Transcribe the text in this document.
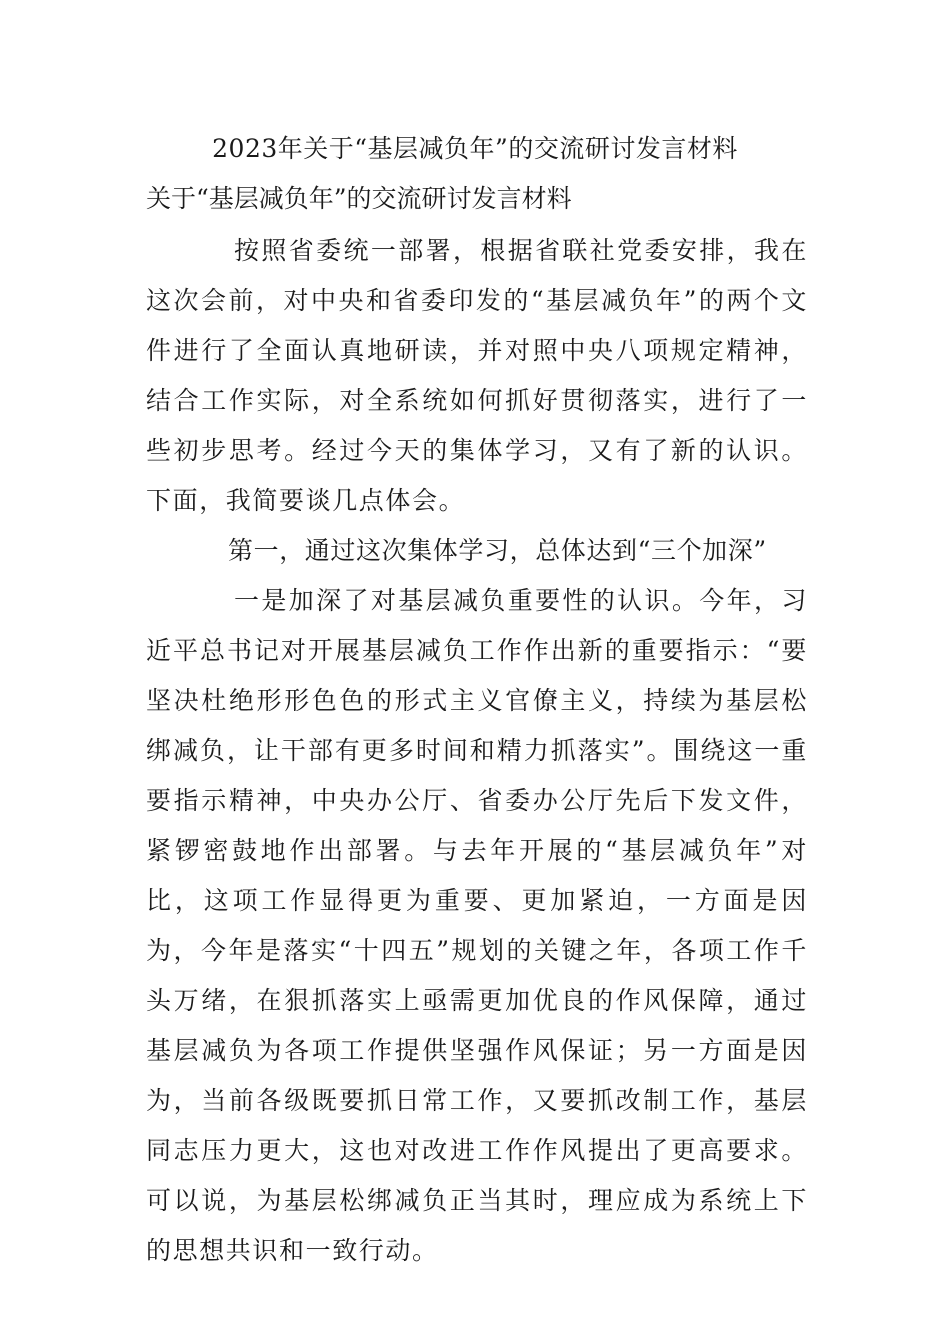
2023年关于“基层减负年”的交流研讨发言材料
关于“基层减负年”的交流研讨发言材料

按照省委统一部署，根据省联社党委安排，我在这次会前，对中央和省委印发的“基层减负年”的两个文件进行了全面认真地研读，并对照中央八项规定精神，结合工作实际，对全系统如何抓好贯彻落实，进行了一些初步思考。经过今天的集体学习，又有了新的认识。下面，我简要谈几点体会。

第一，通过这次集体学习，总体达到“三个加深”

一是加深了对基层减负重要性的认识。今年，习近平总书记对开展基层减负工作作出新的重要指示：“要坚决杜绝形形色色的形式主义官僚主义，持续为基层松绑减负，让干部有更多时间和精力抓落实”。围绕这一重要指示精神，中央办公厅、省委办公厅先后下发文件，紧锣密鼓地作出部署。与去年开展的“基层减负年”对比，这项工作显得更为重要、更加紧迫，一方面是因为，今年是落实“十四五”规划的关键之年，各项工作千头万绪，在狠抓落实上亟需更加优良的作风保障，通过基层减负为各项工作提供坚强作风保证；另一方面是因为，当前各级既要抓日常工作，又要抓改制工作，基层同志压力更大，这也对改进工作作风提出了更高要求。可以说，为基层松绑减负正当其时，理应成为系统上下的思想共识和一致行动。
